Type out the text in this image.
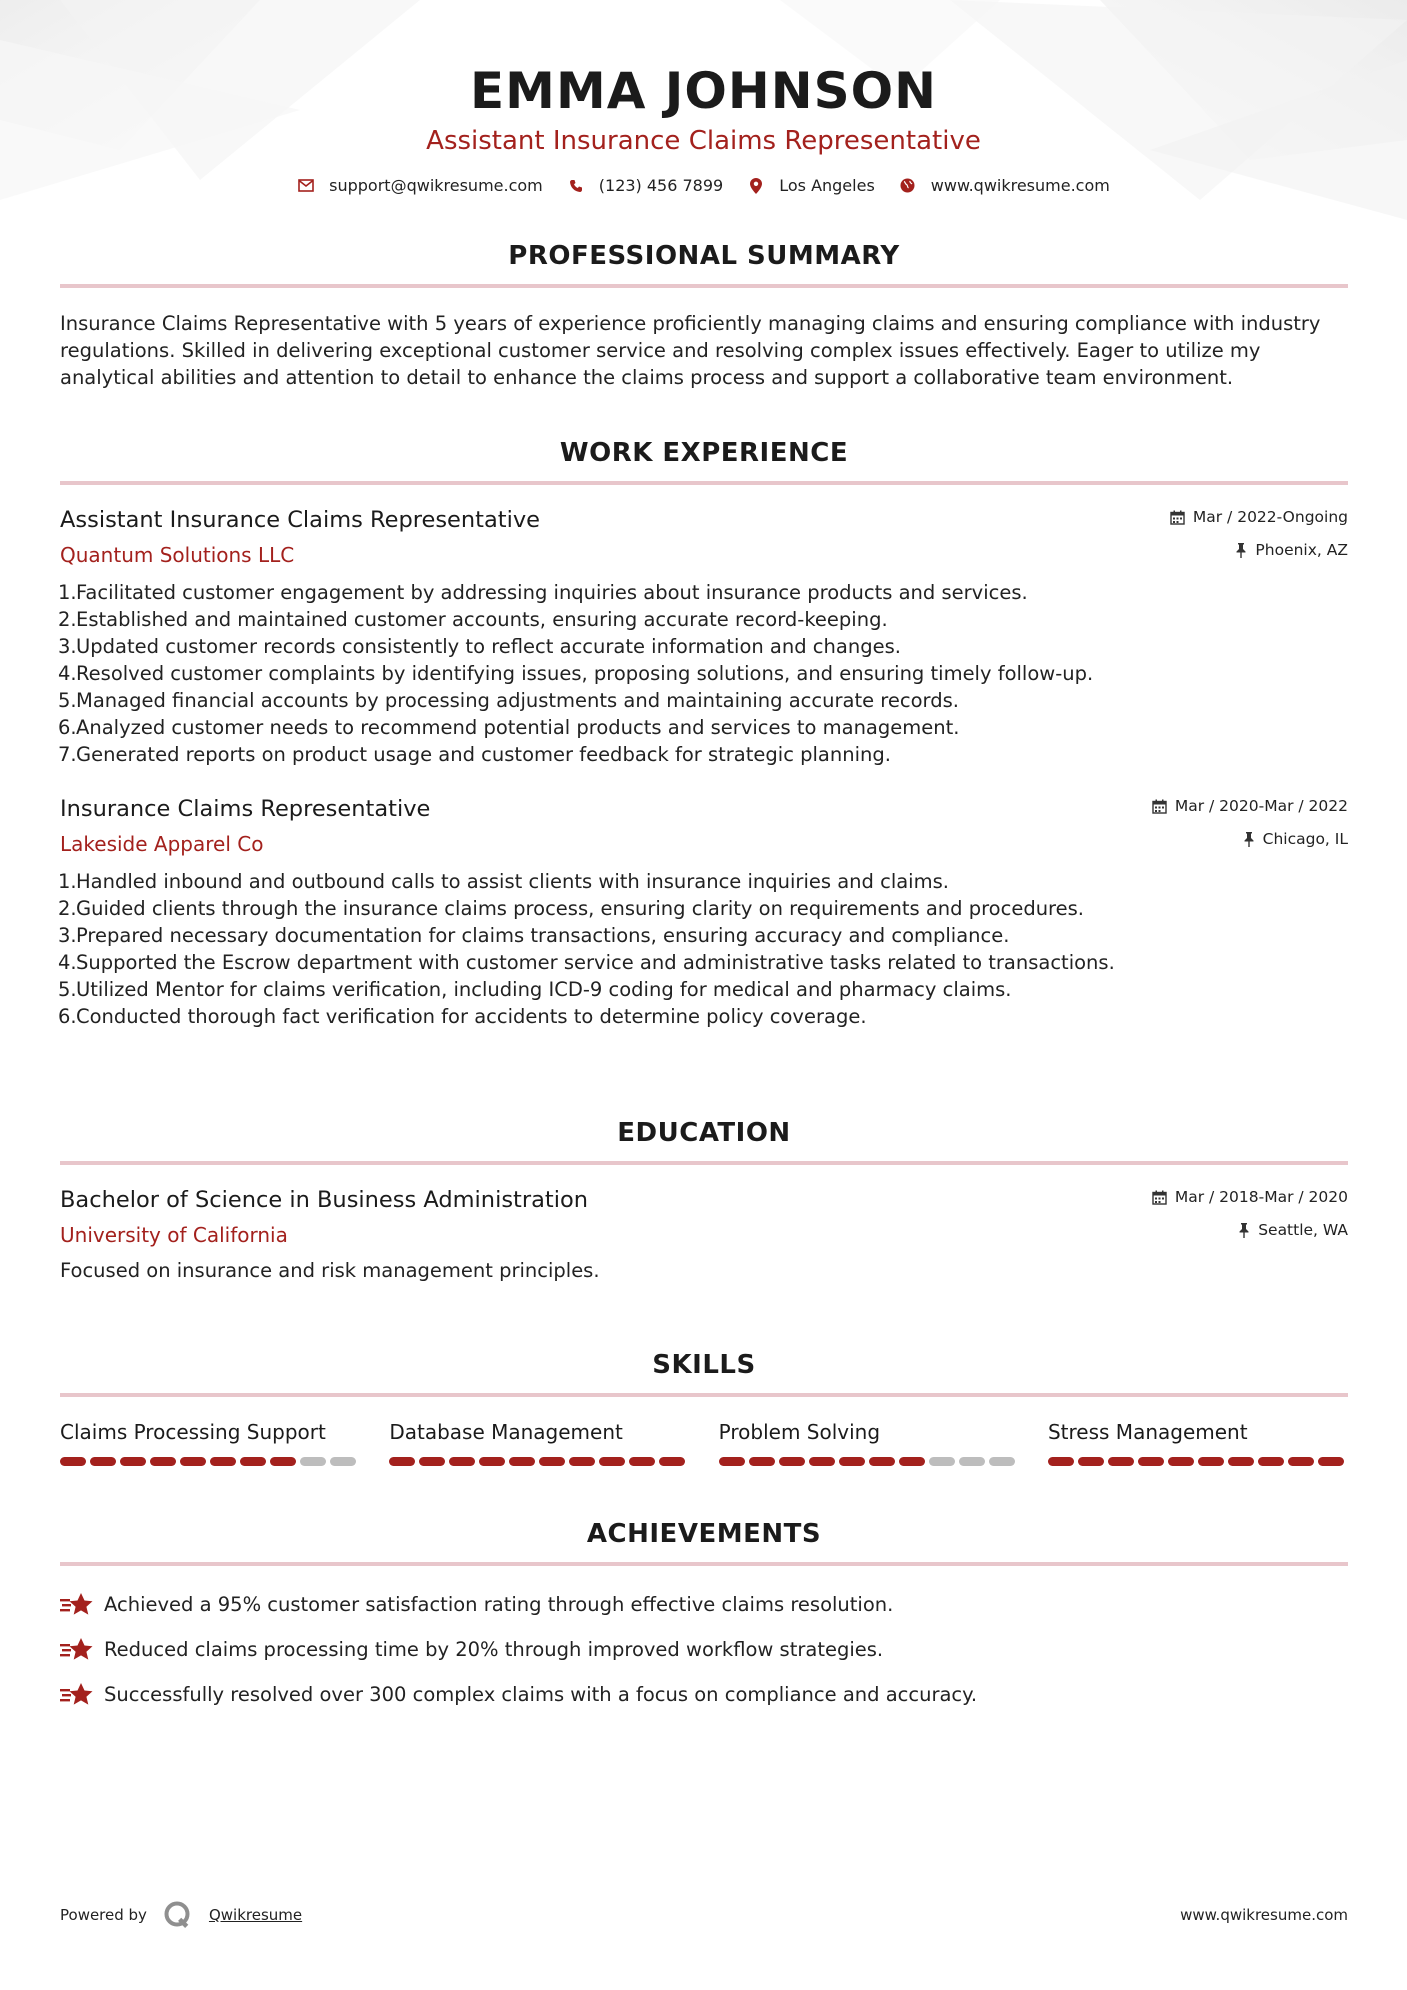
EMMA JOHNSON
Assistant Insurance Claims Representative
support@qwikresume.com	(123) 456 7899	Los Angeles	www.qwikresume.com
PROFESSIONAL SUMMARY

Insurance Claims Representative with 5 years of experience proficiently managing claims and ensuring compliance with industry regulations. Skilled in delivering exceptional customer service and resolving complex issues effectively. Eager to utilize my analytical abilities and attention to detail to enhance the claims process and support a collaborative team environment.

WORK EXPERIENCE
Assistant Insurance Claims Representative
Quantum Solutions LLC
Mar / 2022-Ongoing
Phoenix, AZ
1. Facilitated customer engagement by addressing inquiries about insurance products and services.
2. Established and maintained customer accounts, ensuring accurate record-keeping.
3. Updated customer records consistently to reflect accurate information and changes.
4. Resolved customer complaints by identifying issues, proposing solutions, and ensuring timely follow-up.
5. Managed financial accounts by processing adjustments and maintaining accurate records.
6. Analyzed customer needs to recommend potential products and services to management.
7. Generated reports on product usage and customer feedback for strategic planning.
Insurance Claims Representative
Lakeside Apparel Co
Mar / 2020-Mar / 2022
Chicago, IL
1. Handled inbound and outbound calls to assist clients with insurance inquiries and claims.
2. Guided clients through the insurance claims process, ensuring clarity on requirements and procedures.
3. Prepared necessary documentation for claims transactions, ensuring accuracy and compliance.
4. Supported the Escrow department with customer service and administrative tasks related to transactions.
5. Utilized Mentor for claims verification, including ICD-9 coding for medical and pharmacy claims.
6. Conducted thorough fact verification for accidents to determine policy coverage.
EDUCATION
Bachelor of Science in Business Administration
University of California
Mar / 2018-Mar / 2020
Seattle, WA

Focused on insurance and risk management principles.

SKILLS
Claims Processing Support	Database Management	Problem Solving	Stress Management
ACHIEVEMENTS
Achieved a 95% customer satisfaction rating through effective claims resolution.
Reduced claims processing time by 20% through improved workflow strategies.
Successfully resolved over 300 complex claims with a focus on compliance and accuracy.
Powered by	Qwikresume	www.qwikresume.com
